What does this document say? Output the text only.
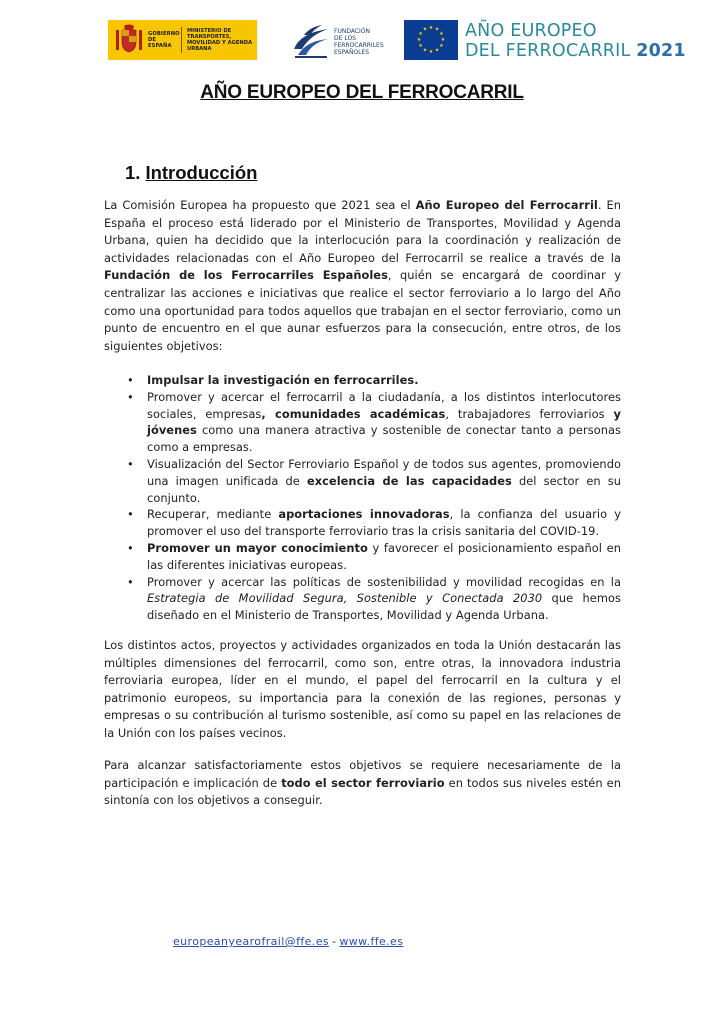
GOBIERNO DE ESPAÑA
MINISTERIO DE TRANSPORTES, MOVILIDAD Y AGENDA URBANA
FUNDACIÓN DE LOS FERROCARRILES ESPAÑOLES
★ ★
★
★
★
★
★
★
★
★
★
★ AÑO EUROPEO
DEL FERROCARRIL 2021
AÑO EUROPEO DEL FERROCARRIL
1. Introducción

La Comisión Europea ha propuesto que 2021 sea el Año Europeo del Ferrocarril. En España el proceso está liderado por el Ministerio de Transportes, Movilidad y Agenda Urbana, quien ha decidido que la interlocución para la coordinación y realización de actividades relacionadas con el Año Europeo del Ferrocarril se realice a través de la Fundación de los Ferrocarriles Españoles, quién se encargará de coordinar y centralizar las acciones e iniciativas que realice el sector ferroviario a lo largo del Año como una oportunidad para todos aquellos que trabajan en el sector ferroviario, como un punto de encuentro en el que aunar esfuerzos para la consecución, entre otros, de los siguientes objetivos:

• Impulsar la investigación en ferrocarriles.
• Promover y acercar el ferrocarril a la ciudadanía, a los distintos interlocutores sociales, empresas, comunidades académicas, trabajadores ferroviarios y jóvenes como una manera atractiva y sostenible de conectar tanto a personas como a empresas.
• Visualización del Sector Ferroviario Español y de todos sus agentes, promoviendo una imagen unificada de excelencia de las capacidades del sector en su conjunto.
• Recuperar, mediante aportaciones innovadoras, la confianza del usuario y promover el uso del transporte ferroviario tras la crisis sanitaria del COVID-19.
• Promover un mayor conocimiento y favorecer el posicionamiento español en las diferentes iniciativas europeas.
• Promover y acercar las políticas de sostenibilidad y movilidad recogidas en la Estrategia de Movilidad Segura, Sostenible y Conectada 2030 que hemos diseñado en el Ministerio de Transportes, Movilidad y Agenda Urbana.

Los distintos actos, proyectos y actividades organizados en toda la Unión destacarán las múltiples dimensiones del ferrocarril, como son, entre otras, la innovadora industria ferroviaria europea, líder en el mundo, el papel del ferrocarril en la cultura y el patrimonio europeos, su importancia para la conexión de las regiones, personas y empresas o su contribución al turismo sostenible, así como su papel en las relaciones de la Unión con los países vecinos.

Para alcanzar satisfactoriamente estos objetivos se requiere necesariamente de la participación e implicación de todo el sector ferroviario en todos sus niveles estén en sintonía con los objetivos a conseguir.

europeanyearofrail@ffe.es - www.ffe.es
